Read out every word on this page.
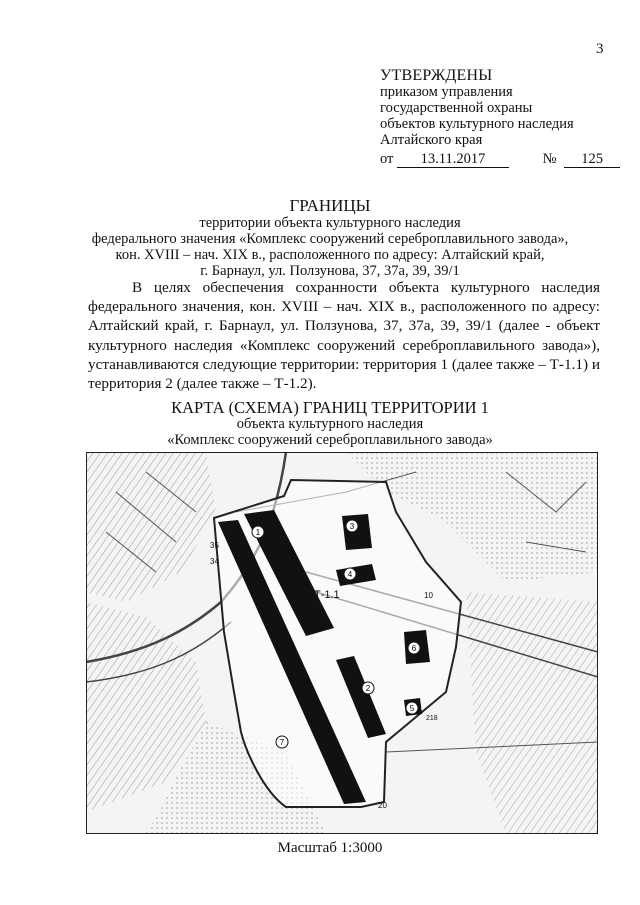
3
УТВЕРЖДЕНЫ
приказом управления
государственной охраны
объектов культурного наследия
Алтайского края
от 13.11.2017	№ 125
ГРАНИЦЫ
территории объекта культурного наследия
федерального значения «Комплекс сооружений сереброплавильного завода»,
кон. XVIII – нач. XIX в., расположенного по адресу: Алтайский край,
г. Барнаул, ул. Ползунова, 37, 37а, 39, 39/1

В целях обеспечения сохранности объекта культурного наследия федерального значения, кон. XVIII – нач. XIX в., расположенного по адресу: Алтайский край, г. Барнаул, ул. Ползунова, 37, 37а, 39, 39/1 (далее - объект культурного наследия «Комплекс сооружений сереброплавильного завода»), устанавливаются следующие территории: территория 1 (далее также – Т-1.1) и территория 2 (далее также – Т-1.2).

КАРТА (СХЕМА) ГРАНИЦ ТЕРРИТОРИИ 1
объекта культурного наследия
«Комплекс сооружений сереброплавильного завода»
1
2
3
4
5
6
7
Т-1.1
35
34
20
10
218
Масштаб 1:3000
